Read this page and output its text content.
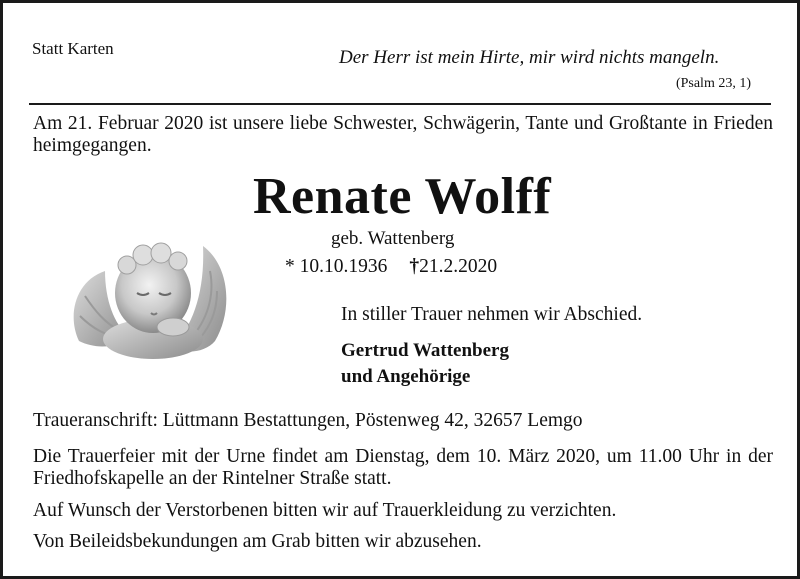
Statt Karten	Der Herr ist mein Hirte, mir wird nichts mangeln.
(Psalm 23, 1)
Am 21. Februar 2020 ist unsere liebe Schwester, Schwägerin, Tante und Großtante in Frieden heimgegangen.
Renate Wolff
geb. Wattenberg
* 10.10.1936 †21.2.2020
In stiller Trauer nehmen wir Abschied.
Gertrud Wattenberg
und Angehörige
Traueranschrift: Lüttmann Bestattungen, Pöstenweg 42, 32657 Lemgo
Die Trauerfeier mit der Urne findet am Dienstag, dem 10. März 2020, um 11.00 Uhr in der Friedhofskapelle an der Rintelner Straße statt.
Auf Wunsch der Verstorbenen bitten wir auf Trauerkleidung zu verzichten.
Von Beileidsbekundungen am Grab bitten wir abzusehen.
